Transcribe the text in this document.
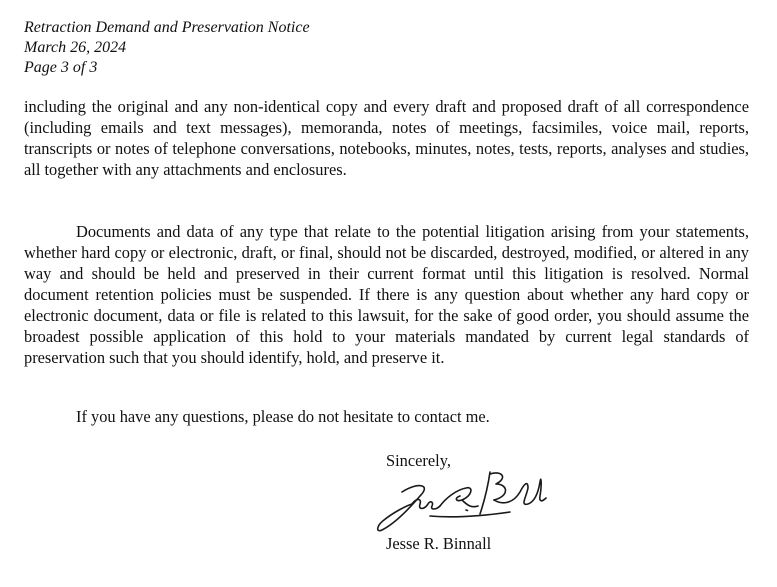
Retraction Demand and Preservation Notice
March 26, 2024
Page 3 of 3

including the original and any non-identical copy and every draft and proposed draft of all correspondence (including emails and text messages), memoranda, notes of meetings, facsimiles, voice mail, reports, transcripts or notes of telephone conversations, notebooks, minutes, notes, tests, reports, analyses and studies, all together with any attachments and enclosures.

Documents and data of any type that relate to the potential litigation arising from your statements, whether hard copy or electronic, draft, or final, should not be discarded, destroyed, modified, or altered in any way and should be held and preserved in their current format until this litigation is resolved. Normal document retention policies must be suspended. If there is any question about whether any hard copy or electronic document, data or file is related to this lawsuit, for the sake of good order, you should assume the broadest possible application of this hold to your materials mandated by current legal standards of preservation such that you should identify, hold, and preserve it.

If you have any questions, please do not hesitate to contact me.

Sincerely,
Jesse R. Binnall
